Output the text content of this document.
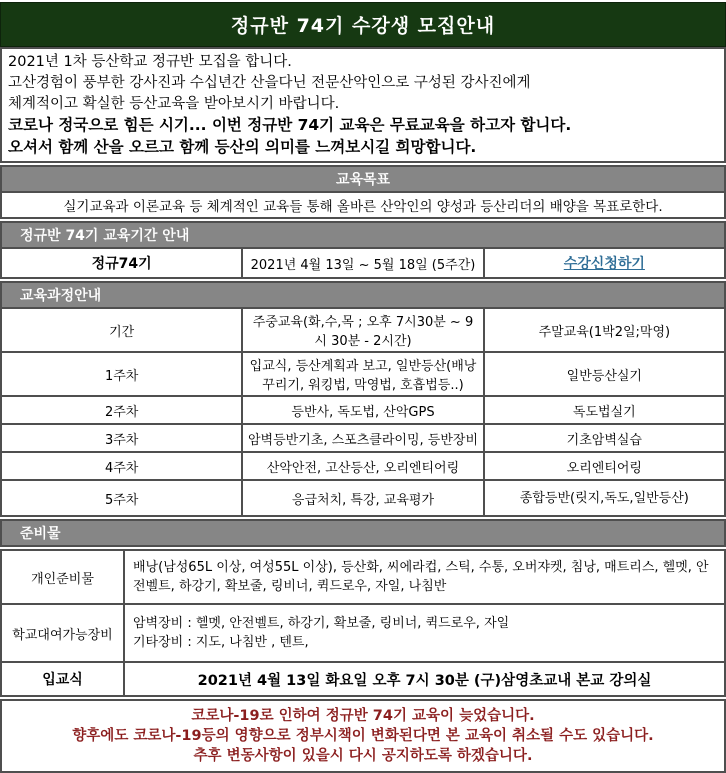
정규반 74기 수강생 모집안내
2021년 1차 등산학교 정규반 모집을 합니다.
고산경험이 풍부한 강사진과 수십년간 산을다닌 전문산악인으로 구성된 강사진에게
체계적이고 확실한 등산교육을 받아보시기 바랍니다.
코로나 정국으로 힘든 시기... 이번 정규반 74기 교육은 무료교육을 하고자 합니다.
오셔서 함께 산을 오르고 함께 등산의 의미를 느껴보시길 희망합니다.
교육목표
실기교육과 이론교육 등 체계적인 교육들 통해 올바른 산악인의 양성과 등산리더의 배양을 목표로한다.
정규반 74기 교육기간 안내
정규74기	2021년 4월 13일 ~ 5월 18일 (5주간)	수강신청하기
교육과정안내		
기간	주중교육(화,수,목 ; 오후 7시30분 ~ 9시 30분 - 2시간)	주말교육(1박2일;막영)
1주차	입교식, 등산계획과 보고, 일반등산(배낭꾸리기, 워킹법, 막영법, 호흡법등..)	일반등산실기
2주차	등반사, 독도법, 산악GPS	독도법실기
3주차	암벽등반기초, 스포츠클라이밍, 등반장비	기초암벽실습
4주차	산악안전, 고산등산, 오리엔티어링	오리엔티어링
5주차	응급처치, 특강, 교육평가	종합등반(릿지,독도,일반등산)
준비물
개인준비물	배낭(남성65L 이상, 여성55L 이상), 등산화, 씨에라컵, 스틱, 수통, 오버쟈켓, 침낭, 매트리스, 헬멧, 안전벨트, 하강기, 확보줄, 링비너, 퀵드로우, 자일, 나침반
학교대여가능장비	암벽장비 : 헬멧, 안전벨트, 하강기, 확보줄, 링비너, 퀵드로우, 자일
기타장비 : 지도, 나침반 , 텐트,

입교식	2021년 4월 13일 화요일 오후 7시 30분 (구)삼영초교내 본교 강의실
코로나-19로 인하여 정규반 74기 교육이 늦었습니다.
향후에도 코로나-19등의 영향으로 정부시책이 변화된다면 본 교육이 취소될 수도 있습니다.
추후 변동사항이 있을시 다시 공지하도록 하겠습니다.
